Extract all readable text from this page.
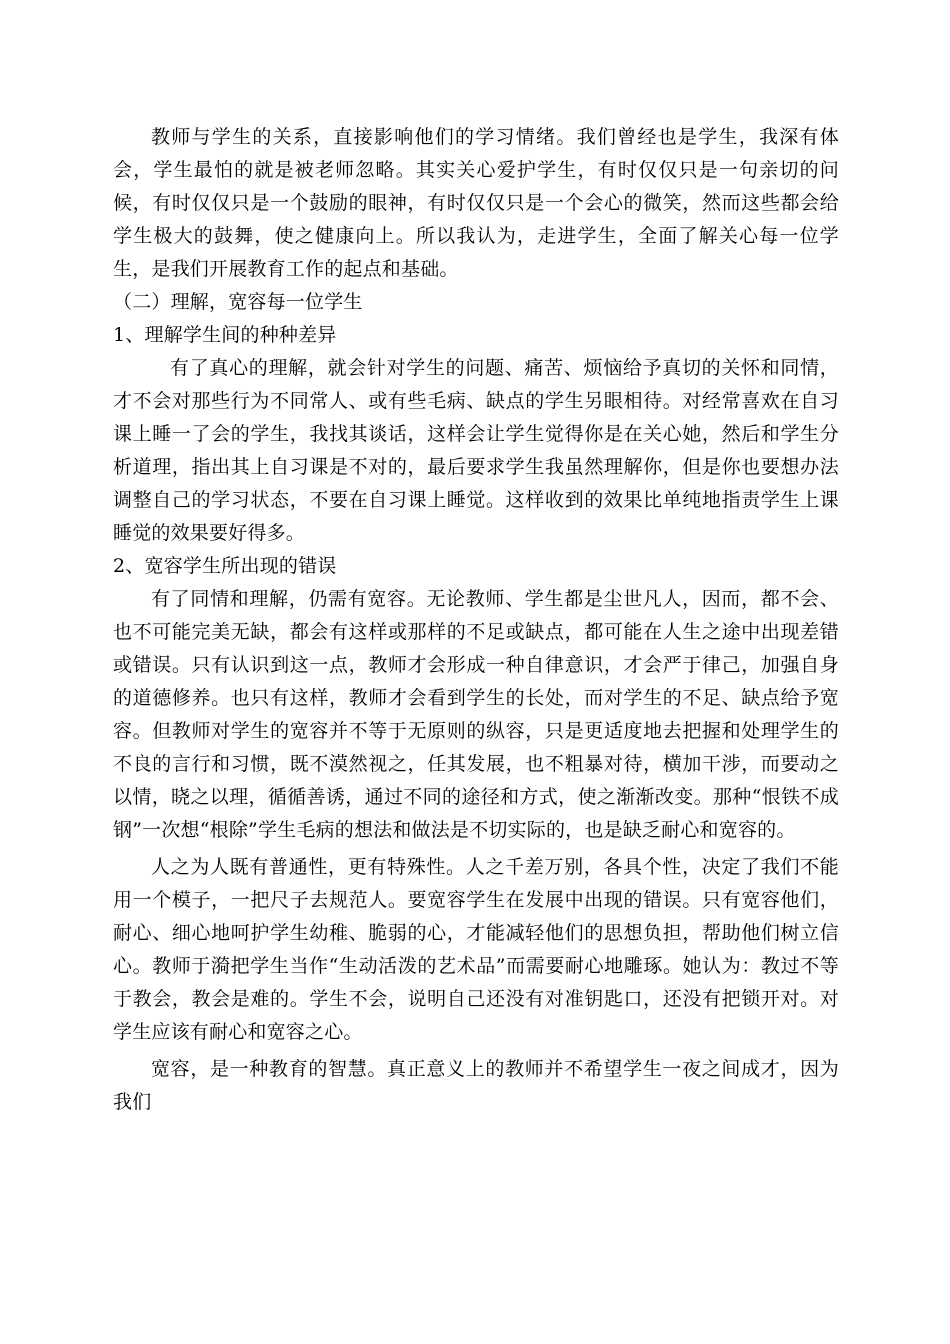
教师与学生的关系，直接影响他们的学习情绪。我们曾经也是学生，我深有体会，学生最怕的就是被老师忽略。其实关心爱护学生，有时仅仅只是一句亲切的问候，有时仅仅只是一个鼓励的眼神，有时仅仅只是一个会心的微笑，然而这些都会给学生极大的鼓舞，使之健康向上。所以我认为，走进学生，全面了解关心每一位学生，是我们开展教育工作的起点和基础。

（二）理解，宽容每一位学生

1、理解学生间的种种差异

有了真心的理解，就会针对学生的问题、痛苦、烦恼给予真切的关怀和同情，才不会对那些行为不同常人、或有些毛病、缺点的学生另眼相待。对经常喜欢在自习课上睡一了会的学生，我找其谈话，这样会让学生觉得你是在关心她，然后和学生分析道理，指出其上自习课是不对的，最后要求学生我虽然理解你，但是你也要想办法调整自己的学习状态，不要在自习课上睡觉。这样收到的效果比单纯地指责学生上课睡觉的效果要好得多。

2、宽容学生所出现的错误

有了同情和理解，仍需有宽容。无论教师、学生都是尘世凡人，因而，都不会、也不可能完美无缺，都会有这样或那样的不足或缺点，都可能在人生之途中出现差错或错误。只有认识到这一点，教师才会形成一种自律意识，才会严于律己，加强自身的道德修养。也只有这样，教师才会看到学生的长处，而对学生的不足、缺点给予宽容。但教师对学生的宽容并不等于无原则的纵容，只是更适度地去把握和处理学生的不良的言行和习惯，既不漠然视之，任其发展，也不粗暴对待，横加干涉，而要动之以情，晓之以理，循循善诱，通过不同的途径和方式，使之渐渐改变。那种“恨铁不成钢”一次想“根除”学生毛病的想法和做法是不切实际的，也是缺乏耐心和宽容的。

人之为人既有普通性，更有特殊性。人之千差万别，各具个性，决定了我们不能用一个模子，一把尺子去规范人。要宽容学生在发展中出现的错误。只有宽容他们，耐心、细心地呵护学生幼稚、脆弱的心，才能减轻他们的思想负担，帮助他们树立信心。教师于漪把学生当作“生动活泼的艺术品”而需要耐心地雕琢。她认为：教过不等于教会，教会是难的。学生不会，说明自己还没有对准钥匙口，还没有把锁开对。对学生应该有耐心和宽容之心。

宽容，是一种教育的智慧。真正意义上的教师并不希望学生一夜之间成才，因为我们
